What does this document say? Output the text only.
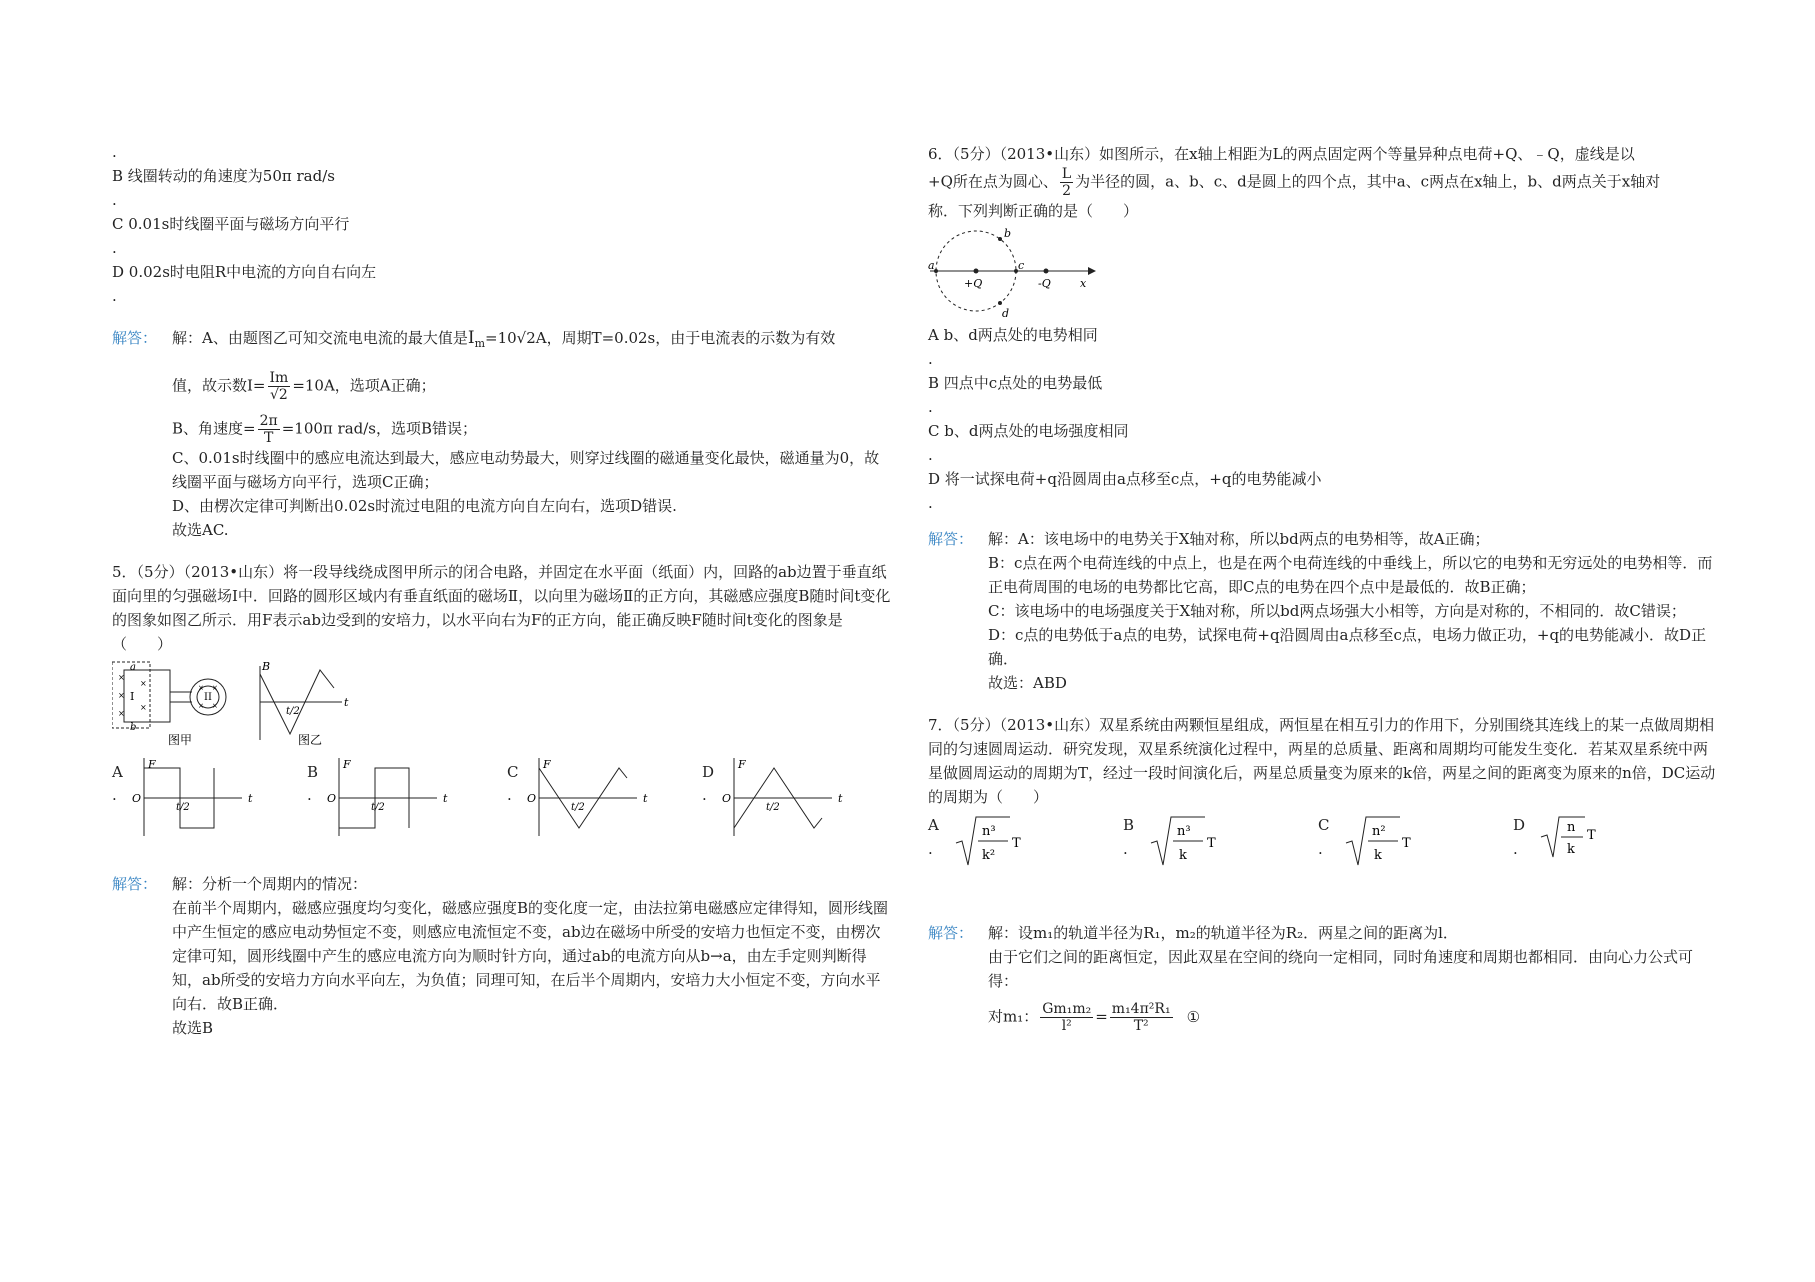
.
B 线圈转动的角速度为50π rad/s
.
C 0.01s时线圈平面与磁场方向平行
.
D 0.02s时电阻R中电流的方向自右向左
.
解答： 解：A、由题图乙可知交流电电流的最大值是$I_m=10√2A$，周期T=0.02s，由于电流表的示数为有效
值，故示数$I= \frac{Im}{√2} =10A$，选项A正确；
B、角速度= $\frac{2\pi}{T} =100\pi$ rad/s，选项B错误；
C、0.01s时线圈中的感应电流达到最大，感应电动势最大，则穿过线圈的磁通量变化最快，磁通量为0，故线圈平面与磁场方向平行，选项C正确；
D、由楞次定律可判断出0.02s时流过电阻的电流方向自左向右，选项D错误.
故选AC.
5．（5分）（2013•山东）将一段导线绕成图甲所示的闭合电路，并固定在水平面（纸面）内，回路的ab边置于垂直纸面向里的匀强磁场Ⅰ中．回路的圆形区域内有垂直纸面的磁场Ⅱ，以向里为磁场Ⅱ的正方向，其磁感应强度B随时间t变化的图象如图乙所示．用F表示ab边受到的安培力，以水平向右为F的正方向，能正确反映F随时间t变化的图象是（　　）
×
×
×
×
×
× ×
× ×
a
b
I	II
图甲
B
t
t/2
图乙
A
.
F
O	t
t/2
B
.
F
O	t
t/2
C
.
F
O	t
t/2
D
.
F
O	t
t/2
解答： 解：分析一个周期内的情况：
在前半个周期内，磁感应强度均匀变化，磁感应强度B的变化度一定，由法拉第电磁感应定律得知，圆形线圈中产生恒定的感应电动势恒定不变，则感应电流恒定不变，ab边在磁场中所受的安培力也恒定不变，由楞次定律可知，圆形线圈中产生的感应电流方向为顺时针方向，通过ab的电流方向从b→a，由左手定则判断得知，ab所受的安培力方向水平向左，为负值；同理可知，在后半个周期内，安培力大小恒定不变，方向水平向右．故B正确．
故选B
6．（5分）（2013•山东）如图所示，在x轴上相距为L的两点固定两个等量异种点电荷+Q、﹣Q，虚线是以
+Q所在点为圆心、 $\frac{L}{2}$ 为半径的圆，a、b、c、d是圆上的四个点，其中a、c两点在x轴上，b、d两点关于x轴对
称．下列判断正确的是（　　）
a
b
c
d
+Q	-Q	x
A b、d两点处的电势相同
.
B 四点中c点处的电势最低
.
C b、d两点处的电场强度相同
.
D 将一试探电荷+q沿圆周由a点移至c点，+q的电势能减小
.
解答： 解：A：该电场中的电势关于X轴对称，所以bd两点的电势相等，故A正确；
B：c点在两个电荷连线的中点上，也是在两个电荷连线的中垂线上，所以它的电势和无穷远处的电势相等．而正电荷周围的电场的电势都比它高，即C点的电势在四个点中是最低的．故B正确；
C：该电场中的电场强度关于X轴对称，所以bd两点场强大小相等，方向是对称的，不相同的．故C错误；
D：c点的电势低于a点的电势，试探电荷+q沿圆周由a点移至c点，电场力做正功，+q的电势能减小．故D正确．
故选：ABD
7．（5分）（2013•山东）双星系统由两颗恒星组成，两恒星在相互引力的作用下，分别围绕其连线上的某一点做周期相同的匀速圆周运动．研究发现，双星系统演化过程中，两星的总质量、距离和周期均可能发生变化．若某双星系统中两星做圆周运动的周期为T，经过一段时间演化后，两星总质量变为原来的k倍，两星之间的距离变为原来的n倍，DC运动的周期为（　　）
A
.
n³
k²
T
B
.
n³
k
T
C
.
n²
k
T
D
.
n
k
T
解答： 解：设m₁的轨道半径为R₁，m₂的轨道半径为R₂．两星之间的距离为l．
由于它们之间的距离恒定，因此双星在空间的绕向一定相同，同时角速度和周期也都相同．由向心力公式可得：
对m₁： $\frac{\text{Gm₁m₂}}{\text{l²}} = \frac{\text{m₁4π²R₁}}{\text{T²}}$ ①
